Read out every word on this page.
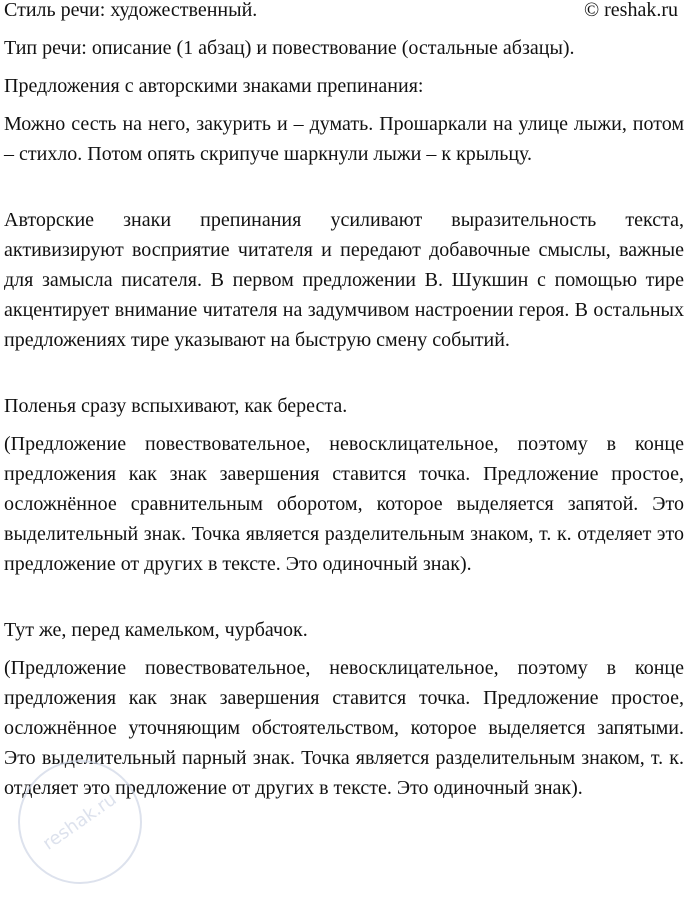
Стиль речи: художественный.	© reshak.ru

Тип речи: описание (1 абзац) и повествование (остальные абзацы).

Предложения с авторскими знаками препинания:

Можно сесть на него, закурить и – думать. Прошаркали на улице лыжи, потом – стихло. Потом опять скрипуче шаркнули лыжи – к крыльцу.

Авторские знаки препинания усиливают выразительность текста, активизируют восприятие читателя и передают добавочные смыслы, важные для замысла писателя. В первом предложении В. Шукшин с помощью тире акцентирует внимание читателя на задумчивом настроении героя. В остальных предложениях тире указывают на быструю смену событий.

Поленья сразу вспыхивают, как береста.

(Предложение повествовательное, невосклицательное, поэтому в конце предложения как знак завершения ставится точка. Предложение простое, осложнённое сравнительным оборотом, которое выделяется запятой. Это выделительный знак. Точка является разделительным знаком, т. к. отделяет это предложение от других в тексте. Это одиночный знак).

Тут же, перед камельком, чурбачок.

(Предложение повествовательное, невосклицательное, поэтому в конце предложения как знак завершения ставится точка. Предложение простое, осложнённое уточняющим обстоятельством, которое выделяется запятыми. Это выделительный парный знак. Точка является разделительным знаком, т. к. отделяет это предложение от других в тексте. Это одиночный знак).

reshak.ru
